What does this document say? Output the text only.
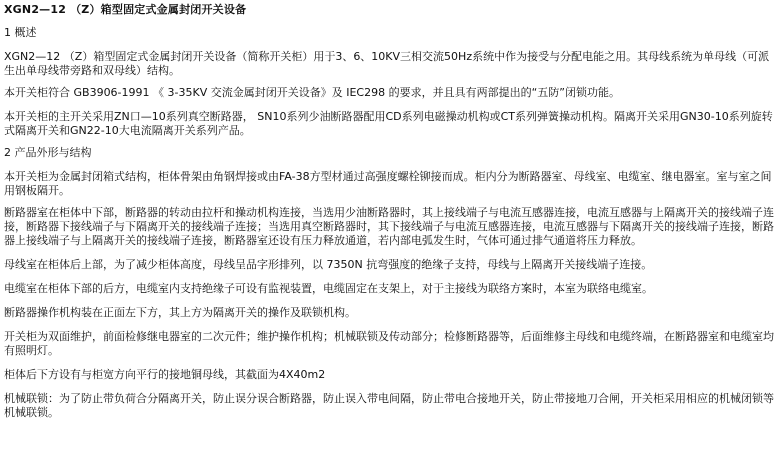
XGN2—12 （Z）箱型固定式金属封闭开关设备
1 概述
XGN2—12 （Z）箱型固定式金属封闭开关设备（简称开关柜）用于3、6、10KV三相交流50Hz系统中作为接受与分配电能之用。其母线系统为单母线（可派生出单母线带旁路和双母线）结构。
本开关柜符合 GB3906-1991 《 3-35KV 交流金属封闭开关设备》及 IEC298 的要求，并且具有两部提出的“五防”闭锁功能。
本开关柜的主开关采用ZN口—10系列真空断路器， SN10系列少油断路器配用CD系列电磁操动机构或CT系列弹簧操动机构。隔离开关采用GN30-10系列旋转式隔离开关和GN22-10大电流隔离开关系列产品。
2 产品外形与结构
本开关柜为金属封闭箱式结构，柜体骨架由角钢焊接或由FA-38方型材通过高强度螺栓铆接而成。柜内分为断路器室、母线室、电缆室、继电器室。室与室之间用钢板隔开。
断路器室在柜体中下部，断路器的转动由拉杆和操动机构连接，当选用少油断路器时，其上接线端子与电流互感器连接，电流互感器与上隔离开关的接线端子连接，断路器下接线端子与下隔离开关的接线端子连接；当选用真空断路器时，其下接线端子与电流互感器连接，电流互感器与下隔离开关的接线端子连接，断路器上接线端子与上隔离开关的接线端子连接，断路器室还设有压力释放通道，若内部电弧发生时，气体可通过排气通道将压力释放。
母线室在柜体后上部，为了减少柜体高度，母线呈品字形排列，以 7350N 抗弯强度的绝缘子支持，母线与上隔离开关接线端子连接。
电缆室在柜体下部的后方，电缆室内支持绝缘子可设有监视装置，电缆固定在支架上，对于主接线为联络方案时，本室为联络电缆室。
断路器操作机构装在正面左下方，其上方为隔离开关的操作及联锁机构。
开关柜为双面维护，前面检修继电器室的二次元件；维护操作机构；机械联锁及传动部分；检修断路器等，后面维修主母线和电缆终端，在断路器室和电缆室均有照明灯。
柜体后下方设有与柜宽方向平行的接地铜母线，其截面为4X40m2
机械联锁：为了防止带负荷合分隔离开关，防止误分误合断路器，防止误入带电间隔，防止带电合接地开关，防止带接地刀合闸，开关柜采用相应的机械闭锁等机械联锁。
